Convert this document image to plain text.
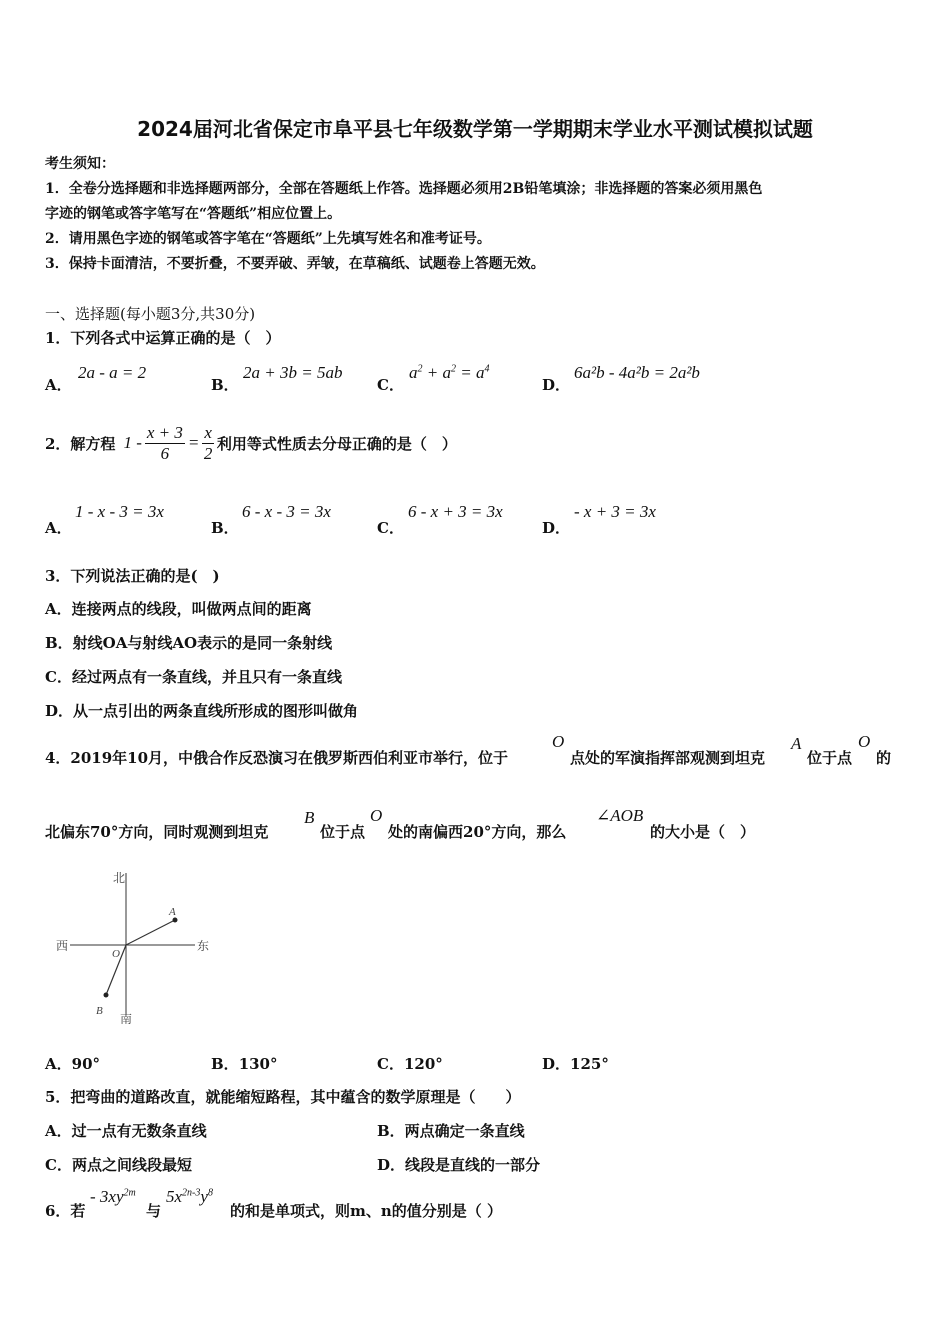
2024届河北省保定市阜平县七年级数学第一学期期末学业水平测试模拟试题
考生须知：
1．全卷分选择题和非选择题两部分，全部在答题纸上作答。选择题必须用2B铅笔填涂；非选择题的答案必须用黑色
字迹的钢笔或答字笔写在“答题纸”相应位置上。
2．请用黑色字迹的钢笔或答字笔在“答题纸”上先填写姓名和准考证号。
3．保持卡面清洁，不要折叠，不要弄破、弄皱，在草稿纸、试题卷上答题无效。
一、选择题(每小题3分,共30分)
1．下列各式中运算正确的是（　）
A．
2a - a = 2
B．
2a + 3b = 5ab
C．
$a^2 + a^2 = a^4$
D．
6a²b - 4a²b = 2a²b
2．解方程 $1 - \frac{x + 3}{6} = \frac{x}{2}$ 利用等式性质去分母正确的是（　）
A．
1 - x - 3 = 3x
B．
6 - x - 3 = 3x
C．
6 - x + 3 = 3x
D．
- x + 3 = 3x
3．下列说法正确的是(　)
A．连接两点的线段，叫做两点间的距离
B．射线OA与射线AO表示的是同一条射线
C．经过两点有一条直线，并且只有一条直线
D．从一点引出的两条直线所形成的图形叫做角
4．2019年10月，中俄合作反恐演习在俄罗斯西伯利亚市举行，位于
O
点处的军演指挥部观测到坦克
A
位于点
O
的
北偏东70°方向，同时观测到坦克
B
位于点
O
处的南偏西20°方向，那么
∠AOB
的大小是（　）
北
南
西	东
O
A
B
A．90°	B．130°	C．120°	D．125°
5．把弯曲的道路改直，就能缩短路程，其中蕴含的数学原理是（　　）
A．过一点有无数条直线	B．两点确定一条直线
C．两点之间线段最短	D．线段是直线的一部分
6．若
- $3xy^{2m}$
与
$5x^{2n-3}y^8$
的和是单项式，则m、n的值分别是（ ）
